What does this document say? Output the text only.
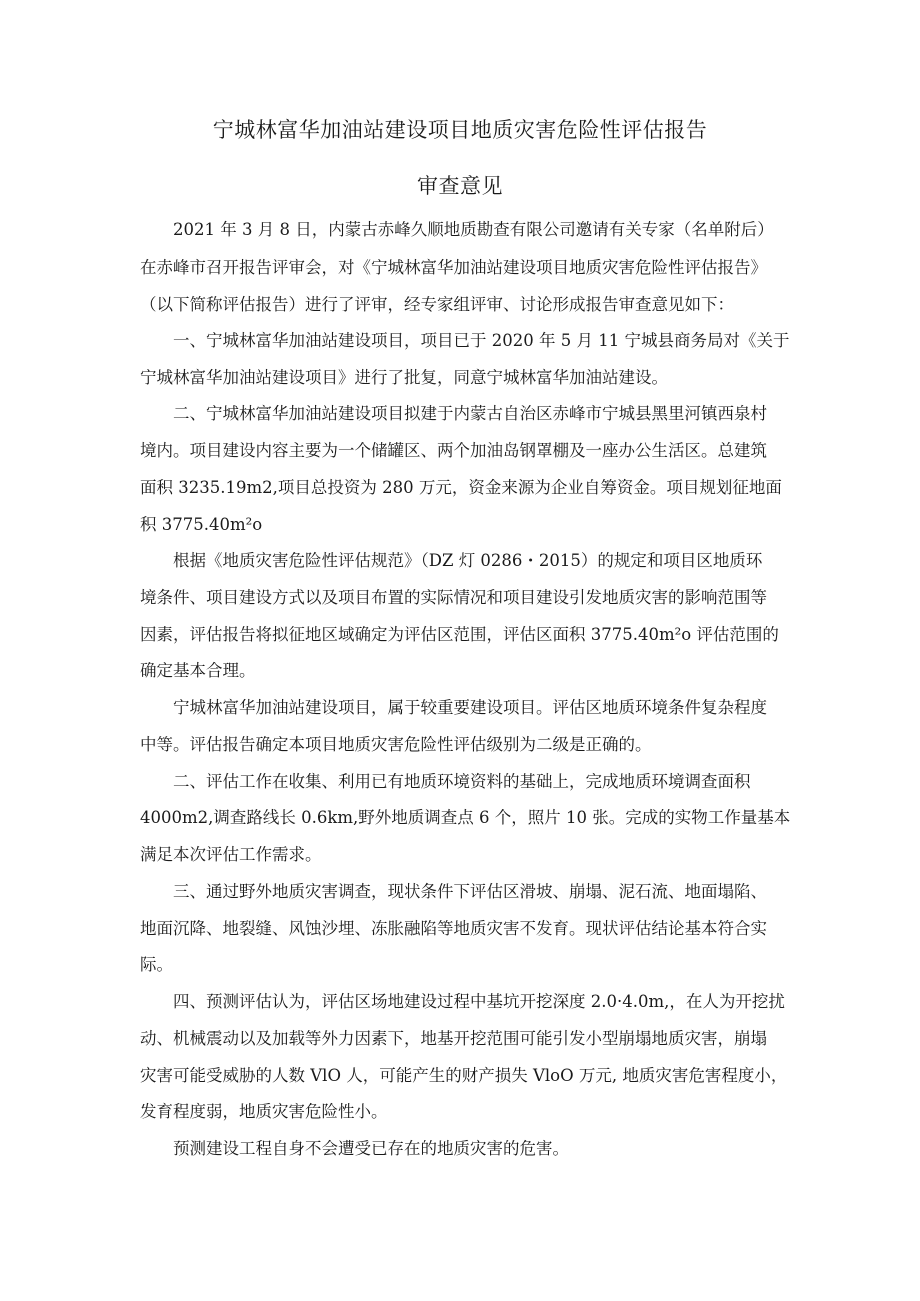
宁城林富华加油站建设项目地质灾害危险性评估报告
审查意见
2021 年 3 月 8 日，内蒙古赤峰久顺地质勘查有限公司邀请有关专家（名单附后）
在赤峰市召开报告评审会，对《宁城林富华加油站建设项目地质灾害危险性评估报告》
（以下简称评估报告）进行了评审，经专家组评审、讨论形成报告审查意见如下：
一、宁城林富华加油站建设项目，项目已于 2020 年 5 月 11 宁城县商务局对《关于
宁城林富华加油站建设项目》进行了批复，同意宁城林富华加油站建设。
二、宁城林富华加油站建设项目拟建于内蒙古自治区赤峰市宁城县黑里河镇西泉村
境内。项目建设内容主要为一个储罐区、两个加油岛钢罩棚及一座办公生活区。总建筑
面积 3235.19m2,项目总投资为 280 万元，资金来源为企业自筹资金。项目规划征地面
积 3775.40m²o
根据《地质灾害危险性评估规范》（DZ 灯 0286・2015）的规定和项目区地质环
境条件、项目建设方式以及项目布置的实际情况和项目建设引发地质灾害的影响范围等
因素，评估报告将拟征地区域确定为评估区范围，评估区面积 3775.40m²o 评估范围的
确定基本合理。
宁城林富华加油站建设项目，属于较重要建设项目。评估区地质环境条件复杂程度
中等。评估报告确定本项目地质灾害危险性评估级别为二级是正确的。
二、评估工作在收集、利用已有地质环境资料的基础上，完成地质环境调查面积
4000m2,调查路线长 0.6km,野外地质调查点 6 个，照片 10 张。完成的实物工作量基本
满足本次评估工作需求。
三、通过野外地质灾害调查，现状条件下评估区滑坡、崩塌、泥石流、地面塌陷、
地面沉降、地裂缝、风蚀沙埋、冻胀融陷等地质灾害不发育。现状评估结论基本符合实
际。
四、预测评估认为，评估区场地建设过程中基坑开挖深度 2.0·4.0m,，在人为开挖扰
动、机械震动以及加载等外力因素下，地基开挖范围可能引发小型崩塌地质灾害，崩塌
灾害可能受威胁的人数 VlO 人，可能产生的财产损失 VloO 万元, 地质灾害危害程度小，
发育程度弱，地质灾害危险性小。
预测建设工程自身不会遭受已存在的地质灾害的危害。
